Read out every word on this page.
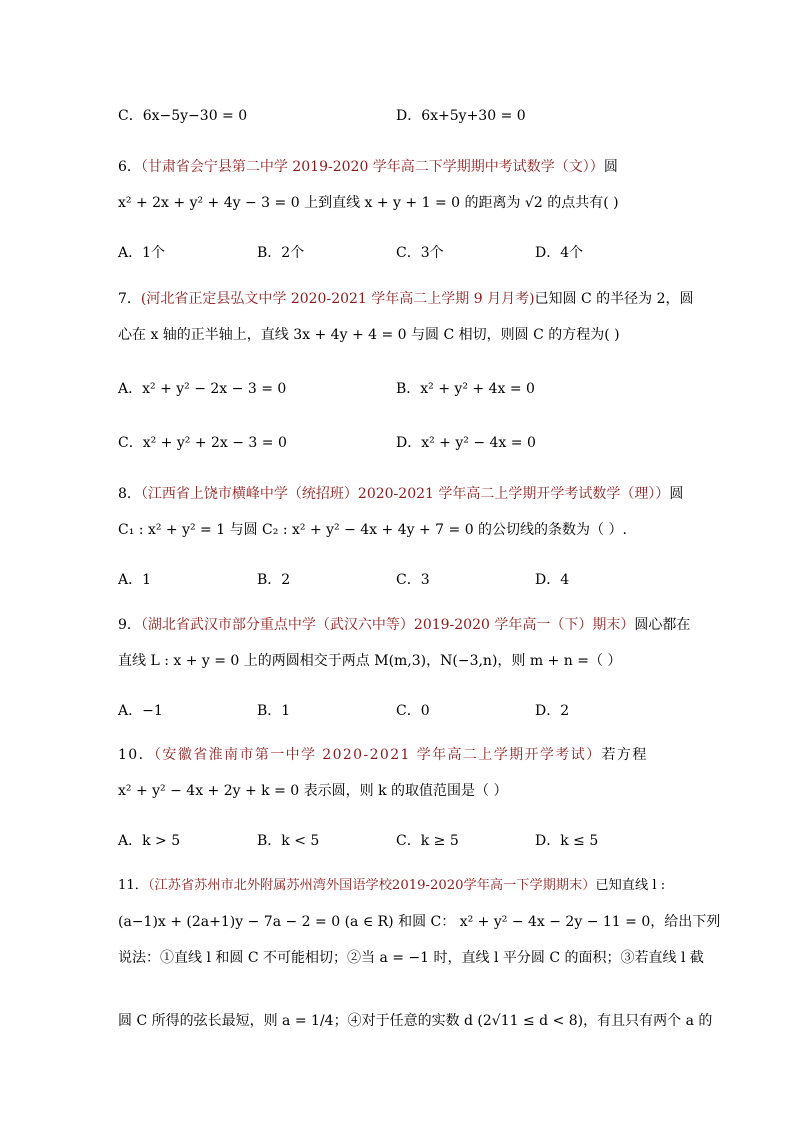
C．6x−5y−30 = 0	D．6x+5y+30 = 0
6．（甘肃省会宁县第二中学 2019-2020 学年高二下学期期中考试数学（文））圆
x² + 2x + y² + 4y − 3 = 0 上到直线 x + y + 1 = 0 的距离为 √2 的点共有( )
A．1个	B．2个	C．3个	D．4个
7．(河北省正定县弘文中学 2020-2021 学年高二上学期 9 月月考)已知圆 C 的半径为 2，圆
心在 x 轴的正半轴上，直线 3x + 4y + 4 = 0 与圆 C 相切，则圆 C 的方程为( )
A．x² + y² − 2x − 3 = 0	B．x² + y² + 4x = 0
C．x² + y² + 2x − 3 = 0	D．x² + y² − 4x = 0
8．（江西省上饶市横峰中学（统招班）2020-2021 学年高二上学期开学考试数学（理））圆
C₁ : x² + y² = 1 与圆 C₂ : x² + y² − 4x + 4y + 7 = 0 的公切线的条数为（ ）.
A．1	B．2	C．3	D．4
9．（湖北省武汉市部分重点中学（武汉六中等）2019-2020 学年高一（下）期末）圆心都在
直线 L : x + y = 0 上的两圆相交于两点 M(m,3)，N(−3,n)，则 m + n =（ ）
A．−1	B．1	C．0	D．2
10．（安徽省淮南市第一中学 2020-2021 学年高二上学期开学考试）若方程
x² + y² − 4x + 2y + k = 0 表示圆，则 k 的取值范围是（ ）
A．k > 5	B．k < 5	C．k ≥ 5	D．k ≤ 5
11．（江苏省苏州市北外附属苏州湾外国语学校2019-2020学年高一下学期期末）已知直线 l :
(a−1)x + (2a+1)y − 7a − 2 = 0 (a ∈ R) 和圆 C： x² + y² − 4x − 2y − 11 = 0，给出下列
说法：①直线 l 和圆 C 不可能相切；②当 a = −1 时，直线 l 平分圆 C 的面积；③若直线 l 截
圆 C 所得的弦长最短，则 a = 1/4；④对于任意的实数 d (2√11 ≤ d < 8)，有且只有两个 a 的
